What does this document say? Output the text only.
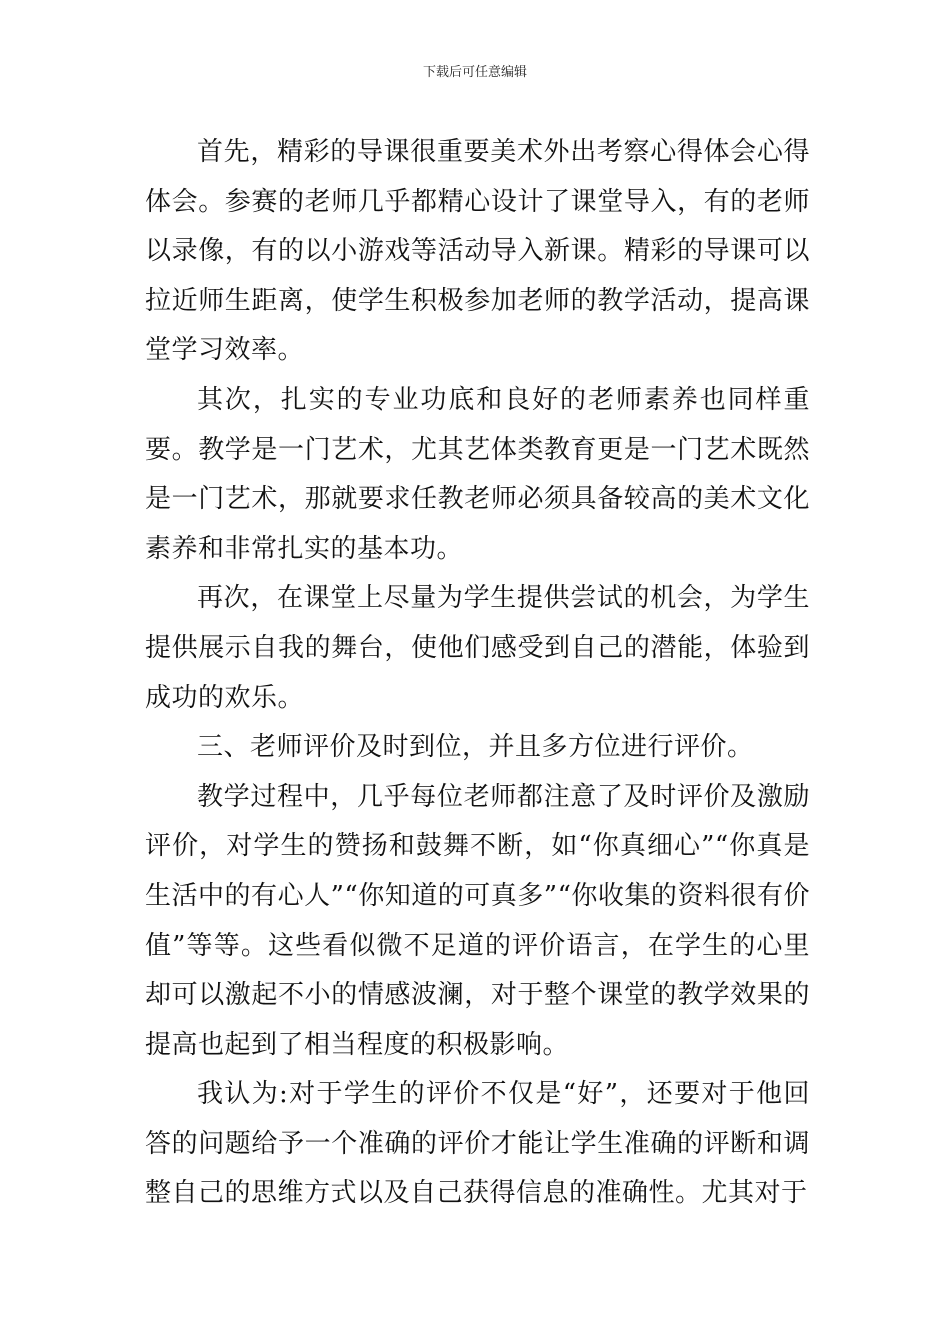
下载后可任意编辑

首先，精彩的导课很重要美术外出考察心得体会心得体会。参赛的老师几乎都精心设计了课堂导入，有的老师以录像，有的以小游戏等活动导入新课。精彩的导课可以拉近师生距离，使学生积极参加老师的教学活动，提高课堂学习效率。

其次，扎实的专业功底和良好的老师素养也同样重要。教学是一门艺术，尤其艺体类教育更是一门艺术既然是一门艺术，那就要求任教老师必须具备较高的美术文化素养和非常扎实的基本功。

再次，在课堂上尽量为学生提供尝试的机会，为学生提供展示自我的舞台，使他们感受到自己的潜能，体验到成功的欢乐。

三、老师评价及时到位，并且多方位进行评价。

教学过程中，几乎每位老师都注意了及时评价及激励评价，对学生的赞扬和鼓舞不断，如“你真细心”“你真是生活中的有心人”“你知道的可真多”“你收集的资料很有价值”等等。这些看似微不足道的评价语言，在学生的心里却可以激起不小的情感波澜，对于整个课堂的教学效果的提高也起到了相当程度的积极影响。

我认为:对于学生的评价不仅是“好”，还要对于他回答的问题给予一个准确的评价才能让学生准确的评断和调整自己的思维方式以及自己获得信息的准确性。尤其对于
